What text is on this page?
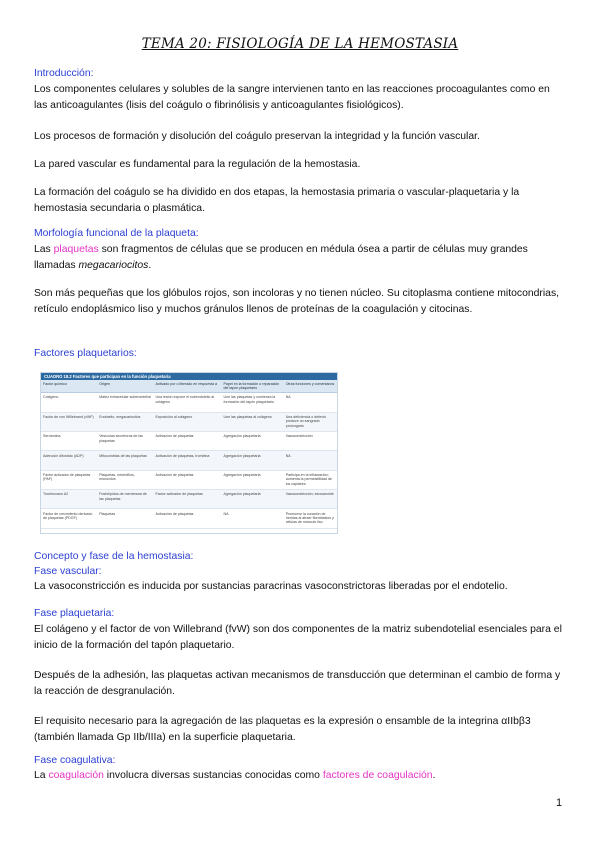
TEMA 20: FISIOLOGÍA DE LA HEMOSTASIA

Introducción:

Los componentes celulares y solubles de la sangre intervienen tanto en las reacciones procoagulantes como en las anticoagulantes (lisis del coágulo o fibrinólisis y anticoagulantes fisiológicos).

Los procesos de formación y disolución del coágulo preservan la integridad y la función vascular.

La pared vascular es fundamental para la regulación de la hemostasia.

La formación del coágulo se ha dividido en dos etapas, la hemostasia primaria o vascular-plaquetaria y la hemostasia secundaria o plasmática.

Morfología funcional de la plaqueta:

Las plaquetas son fragmentos de células que se producen en médula ósea a partir de células muy grandes llamadas megacariocitos.

Son más pequeñas que los glóbulos rojos, son incoloras y no tienen núcleo. Su citoplasma contiene mitocondrias, retículo endoplásmico liso y muchos gránulos llenos de proteínas de la coagulación y citocinas.

Factores plaquetarios:

CUADRO 18.2 Factores que participan en la función plaquetaria
Factor químico	Origen	Activado por o liberado en respuesta a	Papel en la formación o reparación del tapón plaquetario	Otras funciones y comentarios
Colágeno	Matriz extracelular subendotelial	Una lesión expone el subendotelio al colágeno	Une las plaquetas y comienza la formación del tapón plaquetario	NA
Factor de von Willebrand (vWF)	Endotelio, megacariocitos	Exposición al colágeno	Une las plaquetas al colágeno	Una deficiencia o defecto produce un sangrado prolongado
Serotonina	Vesículas secretoras de las plaquetas	Activación de plaquetas	Agregación plaquetaria	Vasoconstricción
Adenosín difosfato (ADP)	Mitocondrias de las plaquetas	Activación de plaquetas, trombina	Agregación plaquetaria	NA
Factor activador de plaquetas (PAF)	Plaquetas, neutrófilos, monocitos	Activación de plaquetas	Agregación plaquetaria	Participa en la inflamación; aumenta la permeabilidad de los capilares
Tromboxano A2	Fosfolípidos de membrana de las plaquetas	Factor activador de plaquetas	Agregación plaquetaria	Vasoconstricción; eicosanoide
Factor de crecimiento derivado de plaquetas (PDGF)	Plaquetas	Activación de plaquetas	NA	Promueve la curación de heridas al atraer fibroblastos y células de músculo liso

Concepto y fase de la hemostasia:

Fase vascular:

La vasoconstricción es inducida por sustancias paracrinas vasoconstrictoras liberadas por el endotelio.

Fase plaquetaria:

El colágeno y el factor de von Willebrand (fvW) son dos componentes de la matriz subendotelial esenciales para el inicio de la formación del tapón plaquetario.

Después de la adhesión, las plaquetas activan mecanismos de transducción que determinan el cambio de forma y la reacción de desgranulación.

El requisito necesario para la agregación de las plaquetas es la expresión o ensamble de la integrina αIIbβ3 (también llamada Gp IIb/IIIa) en la superficie plaquetaria.

Fase coagulativa:

La coagulación involucra diversas sustancias conocidas como factores de coagulación.

1
